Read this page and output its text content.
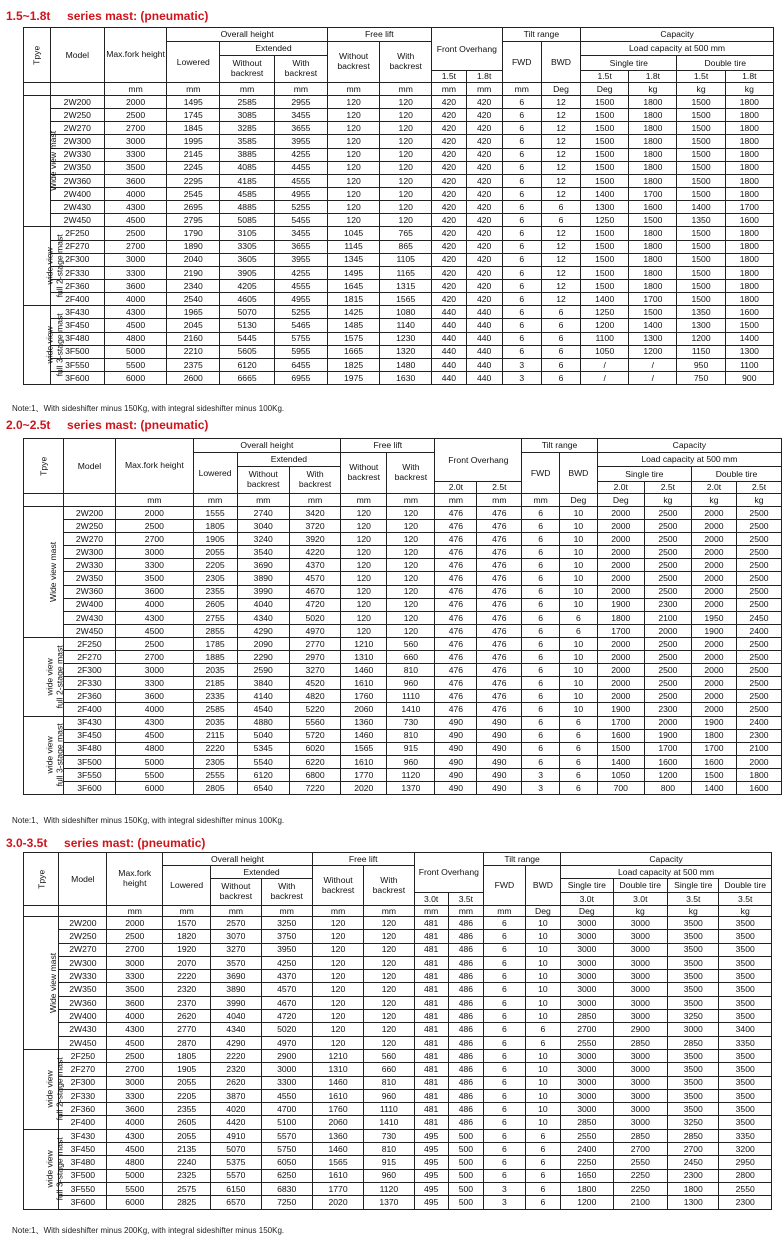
1.5~1.8t     series mast: (pneumatic)
Tpye	Model	Max.fork height	Overall height			Free lift		Front Overhang		Tilt range		Capacity			
			Lowered	Extended		Without backrest	With backrest			FWD	BWD	Load capacity at 500 mm			
				Without backrest	With backrest							Single tire		Double tire	
								1.5t	1.8t			1.5t	1.8t	1.5t	1.8t
		mm	mm	mm	mm	mm	mm	mm	mm	mm	Deg	Deg	kg	kg	kg
Wide view mast	2W200	2000	1495	2585	2955	120	120	420	420	6	12	1500	1800	1500	1800
	2W250	2500	1745	3085	3455	120	120	420	420	6	12	1500	1800	1500	1800
	2W270	2700	1845	3285	3655	120	120	420	420	6	12	1500	1800	1500	1800
	2W300	3000	1995	3585	3955	120	120	420	420	6	12	1500	1800	1500	1800
	2W330	3300	2145	3885	4255	120	120	420	420	6	12	1500	1800	1500	1800
	2W350	3500	2245	4085	4455	120	120	420	420	6	12	1500	1800	1500	1800
	2W360	3600	2295	4185	4555	120	120	420	420	6	12	1500	1800	1500	1800
	2W400	4000	2545	4585	4955	120	120	420	420	6	12	1400	1700	1500	1800
	2W430	4300	2695	4885	5255	120	120	420	420	6	6	1300	1600	1400	1700
	2W450	4500	2795	5085	5455	120	120	420	420	6	6	1250	1500	1350	1600
wide view
full 2-stage mast	2F250	2500	1790	3105	3455	1045	765	420	420	6	12	1500	1800	1500	1800
	2F270	2700	1890	3305	3655	1145	865	420	420	6	12	1500	1800	1500	1800
	2F300	3000	2040	3605	3955	1345	1105	420	420	6	12	1500	1800	1500	1800
	2F330	3300	2190	3905	4255	1495	1165	420	420	6	12	1500	1800	1500	1800
	2F360	3600	2340	4205	4555	1645	1315	420	420	6	12	1500	1800	1500	1800
	2F400	4000	2540	4605	4955	1815	1565	420	420	6	12	1400	1700	1500	1800
wide view
full 3-stage mast	3F430	4300	1965	5070	5255	1425	1080	440	440	6	6	1250	1500	1350	1600
	3F450	4500	2045	5130	5465	1485	1140	440	440	6	6	1200	1400	1300	1500
	3F480	4800	2160	5445	5755	1575	1230	440	440	6	6	1100	1300	1200	1400
	3F500	5000	2210	5605	5955	1665	1320	440	440	6	6	1050	1200	1150	1300
	3F550	5500	2375	6120	6455	1825	1480	440	440	3	6	/	/	950	1100
	3F600	6000	2600	6665	6955	1975	1630	440	440	3	6	/	/	750	900
Note:1、With sideshifter minus 150Kg, with integral sideshifter minus 100Kg.
2.0~2.5t     series mast: (pneumatic)
Tpye	Model	Max.fork height	Overall height			Free lift		Front Overhang		Tilt range		Capacity			
			Lowered	Extended		Without backrest	With backrest			FWD	BWD	Load capacity at 500 mm			
				Without backrest	With backrest							Single tire		Double tire	
								2.0t	2.5t			2.0t	2.5t	2.0t	2.5t
		mm	mm	mm	mm	mm	mm	mm	mm	mm	Deg	Deg	kg	kg	kg
Wide view mast	2W200	2000	1555	2740	3420	120	120	476	476	6	10	2000	2500	2000	2500
	2W250	2500	1805	3040	3720	120	120	476	476	6	10	2000	2500	2000	2500
	2W270	2700	1905	3240	3920	120	120	476	476	6	10	2000	2500	2000	2500
	2W300	3000	2055	3540	4220	120	120	476	476	6	10	2000	2500	2000	2500
	2W330	3300	2205	3690	4370	120	120	476	476	6	10	2000	2500	2000	2500
	2W350	3500	2305	3890	4570	120	120	476	476	6	10	2000	2500	2000	2500
	2W360	3600	2355	3990	4670	120	120	476	476	6	10	2000	2500	2000	2500
	2W400	4000	2605	4040	4720	120	120	476	476	6	10	1900	2300	2000	2500
	2W430	4300	2755	4340	5020	120	120	476	476	6	6	1800	2100	1950	2450
	2W450	4500	2855	4290	4970	120	120	476	476	6	6	1700	2000	1900	2400
wide view
full 2-stage mast	2F250	2500	1785	2090	2770	1210	560	476	476	6	10	2000	2500	2000	2500
	2F270	2700	1885	2290	2970	1310	660	476	476	6	10	2000	2500	2000	2500
	2F300	3000	2035	2590	3270	1460	810	476	476	6	10	2000	2500	2000	2500
	2F330	3300	2185	3840	4520	1610	960	476	476	6	10	2000	2500	2000	2500
	2F360	3600	2335	4140	4820	1760	1110	476	476	6	10	2000	2500	2000	2500
	2F400	4000	2585	4540	5220	2060	1410	476	476	6	10	1900	2300	2000	2500
wide view
full 3-stage mast	3F430	4300	2035	4880	5560	1360	730	490	490	6	6	1700	2000	1900	2400
	3F450	4500	2115	5040	5720	1460	810	490	490	6	6	1600	1900	1800	2300
	3F480	4800	2220	5345	6020	1565	915	490	490	6	6	1500	1700	1700	2100
	3F500	5000	2305	5540	6220	1610	960	490	490	6	6	1400	1600	1600	2000
	3F550	5500	2555	6120	6800	1770	1120	490	490	3	6	1050	1200	1500	1800
	3F600	6000	2805	6540	7220	2020	1370	490	490	3	6	700	800	1400	1600
Note:1、With sideshifter minus 150Kg, with integral sideshifter minus 100Kg.
3.0-3.5t     series mast: (pneumatic)
Tpye	Model	Max.fork height	Overall height			Free lift		Front Overhang		Tilt range		Capacity			
			Lowered	Extended		Without backrest	With backrest			FWD	BWD	Load capacity at 500 mm			
				Without backrest	With backrest							Single tire	Double tire	Single tire	Double tire
								3.0t	3.5t			3.0t	3.0t	3.5t	3.5t
		mm	mm	mm	mm	mm	mm	mm	mm	mm	Deg	Deg	kg	kg	kg
Wide view mast	2W200	2000	1570	2570	3250	120	120	481	486	6	10	3000	3000	3500	3500
	2W250	2500	1820	3070	3750	120	120	481	486	6	10	3000	3000	3500	3500
	2W270	2700	1920	3270	3950	120	120	481	486	6	10	3000	3000	3500	3500
	2W300	3000	2070	3570	4250	120	120	481	486	6	10	3000	3000	3500	3500
	2W330	3300	2220	3690	4370	120	120	481	486	6	10	3000	3000	3500	3500
	2W350	3500	2320	3890	4570	120	120	481	486	6	10	3000	3000	3500	3500
	2W360	3600	2370	3990	4670	120	120	481	486	6	10	3000	3000	3500	3500
	2W400	4000	2620	4040	4720	120	120	481	486	6	10	2850	3000	3250	3500
	2W430	4300	2770	4340	5020	120	120	481	486	6	6	2700	2900	3000	3400
	2W450	4500	2870	4290	4970	120	120	481	486	6	6	2550	2850	2850	3350
wide view
full 2-stage mast	2F250	2500	1805	2220	2900	1210	560	481	486	6	10	3000	3000	3500	3500
	2F270	2700	1905	2320	3000	1310	660	481	486	6	10	3000	3000	3500	3500
	2F300	3000	2055	2620	3300	1460	810	481	486	6	10	3000	3000	3500	3500
	2F330	3300	2205	3870	4550	1610	960	481	486	6	10	3000	3000	3500	3500
	2F360	3600	2355	4020	4700	1760	1110	481	486	6	10	3000	3000	3500	3500
	2F400	4000	2605	4420	5100	2060	1410	481	486	6	10	2850	3000	3250	3500
wide view
full 3-stage mast	3F430	4300	2055	4910	5570	1360	730	495	500	6	6	2550	2850	2850	3350
	3F450	4500	2135	5070	5750	1460	810	495	500	6	6	2400	2700	2700	3200
	3F480	4800	2240	5375	6050	1565	915	495	500	6	6	2250	2550	2450	2950
	3F500	5000	2325	5570	6250	1610	960	495	500	6	6	1650	2250	2300	2800
	3F550	5500	2575	6150	6830	1770	1120	495	500	3	6	1800	2250	1800	2550
	3F600	6000	2825	6570	7250	2020	1370	495	500	3	6	1200	2100	1300	2300
Note:1、With sideshifter minus 200Kg, with integral sideshifter minus 150Kg.
